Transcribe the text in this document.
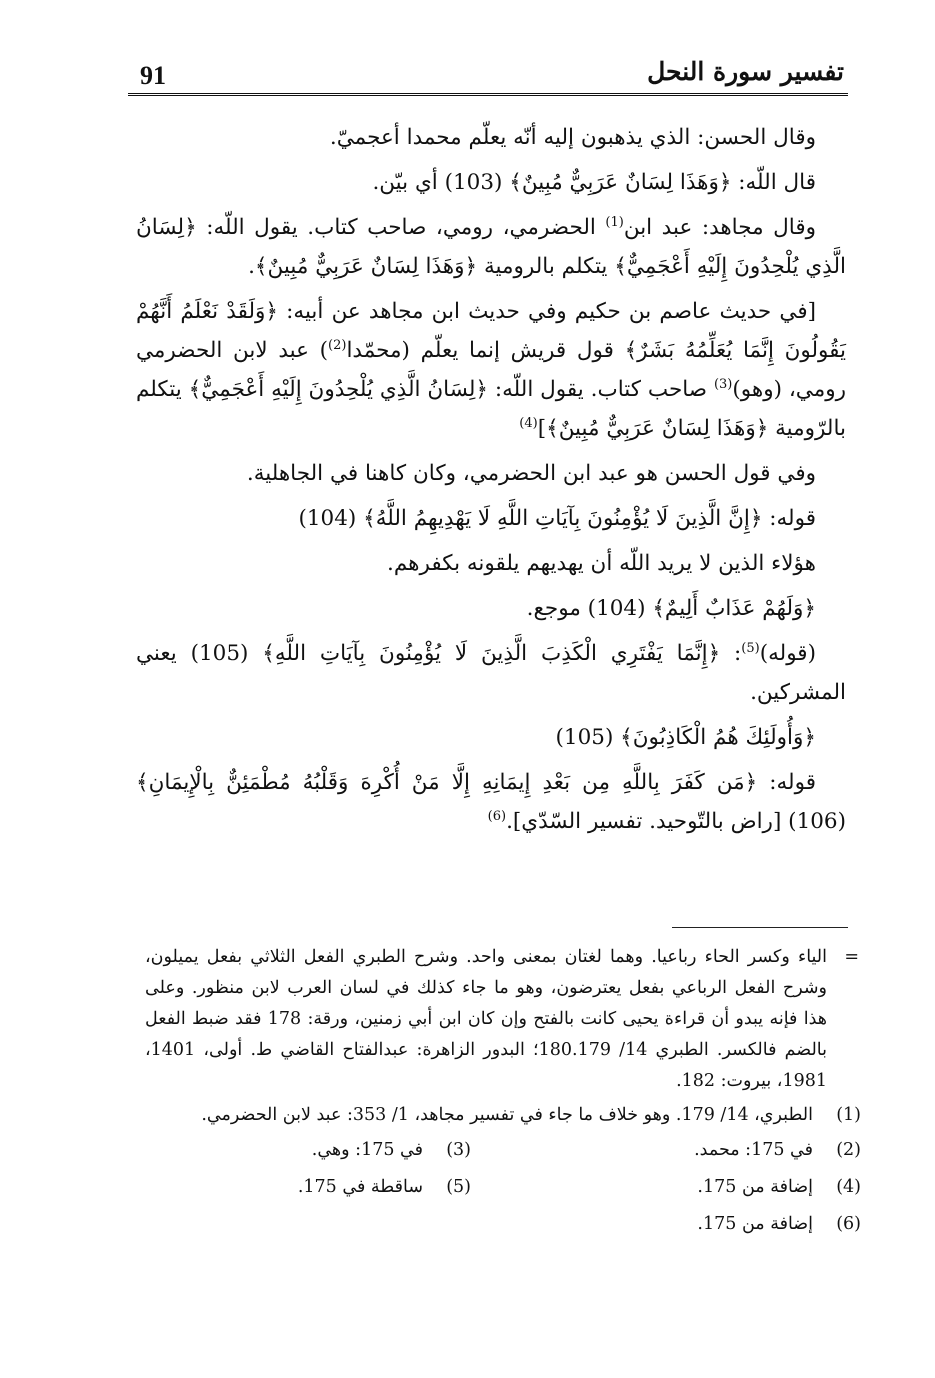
91	تفسير سورة النحل

وقال الحسن: الذي يذهبون إليه أنّه يعلّم محمدا أعجميّ.

قال اللّه: ﴿وَهَذَا لِسَانٌ عَرَبِيٌّ مُبِينٌ﴾ (103) أي بيّن.

وقال مجاهد: عبد ابن$^{(1)}$ الحضرمي، رومي، صاحب كتاب. يقول اللّه: ﴿لِسَانُ الَّذِي يُلْحِدُونَ إِلَيْهِ أَعْجَمِيٌّ﴾ يتكلم بالرومية ﴿وَهَذَا لِسَانٌ عَرَبِيٌّ مُبِينٌ﴾.

[في حديث عاصم بن حكيم وفي حديث ابن مجاهد عن أبيه: ﴿وَلَقَدْ نَعْلَمُ أَنَّهُمْ يَقُولُونَ إِنَّمَا يُعَلِّمُهُ بَشَرٌ﴾ قول قريش إنما يعلّم (محمّدا$^{(2)}$) عبد لابن الحضرمي رومي، (وهو)$^{(3)}$ صاحب كتاب. يقول اللّه: ﴿لِسَانُ الَّذِي يُلْحِدُونَ إِلَيْهِ أَعْجَمِيٌّ﴾ يتكلم بالرّومية ﴿وَهَذَا لِسَانٌ عَرَبِيٌّ مُبِينٌ﴾]$^{(4)}$

وفي قول الحسن هو عبد ابن الحضرمي، وكان كاهنا في الجاهلية.

قوله: ﴿إِنَّ الَّذِينَ لَا يُؤْمِنُونَ بِآيَاتِ اللَّهِ لَا يَهْدِيهِمُ اللَّهُ﴾ (104)

هؤلاء الذين لا يريد اللّه أن يهديهم يلقونه بكفرهم.

﴿وَلَهُمْ عَذَابٌ أَلِيمٌ﴾ (104) موجع.

(قوله)$^{(5)}$: ﴿إِنَّمَا يَفْتَرِي الْكَذِبَ الَّذِينَ لَا يُؤْمِنُونَ بِآيَاتِ اللَّهِ﴾ (105) يعني المشركين.

﴿وَأُولَئِكَ هُمُ الْكَاذِبُونَ﴾ (105)

قوله: ﴿مَن كَفَرَ بِاللَّهِ مِن بَعْدِ إِيمَانِهِ إِلَّا مَنْ أُكْرِهَ وَقَلْبُهُ مُطْمَئِنٌّ بِالْإِيمَانِ﴾ (106) [راض بالتّوحيد. تفسير السّدّي].$^{(6)}$

=
الياء وكسر الحاء رباعيا. وهما لغتان بمعنى واحد. وشرح الطبري الفعل الثلاثي بفعل يميلون، وشرح الفعل الرباعي بفعل يعترضون، وهو ما جاء كذلك في لسان العرب لابن منظور. وعلى هذا فإنه يبدو أن قراءة يحيى كانت بالفتح وإن كان ابن أبي زمنين، ورقة: 178 فقد ضبط الفعل بالضم فالكسر. الطبري 14/ 180.179؛ البدور الزاهرة: عبدالفتاح القاضي ط. أولى، 1401، 1981، بيروت: 182.
(1)
الطبري، 14/ 179. وهو خلاف ما جاء في تفسير مجاهد، 1/ 353: عبد لابن الحضرمي.
(2)
في 175: محمد.
(4)
إضافة من 175.
(6)
إضافة من 175.
(3)
في 175: وهي.
(5)
ساقطة في 175.
